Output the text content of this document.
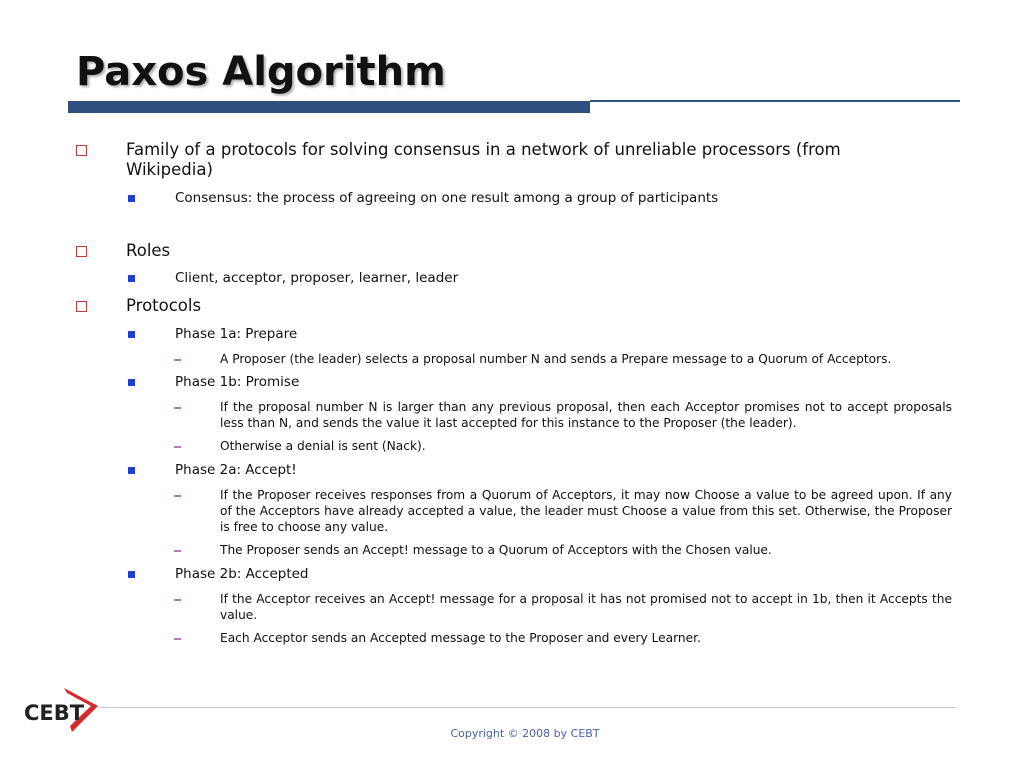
Paxos Algorithm
Family of a protocols for solving consensus in a network of unreliable processors (from Wikipedia)
Consensus: the process of agreeing on one result among a group of participants
Roles
Client, acceptor, proposer, learner, leader
Protocols
Phase 1a: Prepare
A Proposer (the leader) selects a proposal number N and sends a Prepare message to a Quorum of Acceptors.
Phase 1b: Promise
If the proposal number N is larger than any previous proposal, then each Acceptor promises not to accept proposals less than N, and sends the value it last accepted for this instance to the Proposer (the leader).
Otherwise a denial is sent (Nack).
Phase 2a: Accept!
If the Proposer receives responses from a Quorum of Acceptors, it may now Choose a value to be agreed upon. If any of the Acceptors have already accepted a value, the leader must Choose a value from this set. Otherwise, the Proposer is free to choose any value.
The Proposer sends an Accept! message to a Quorum of Acceptors with the Chosen value.
Phase 2b: Accepted
If the Acceptor receives an Accept! message for a proposal it has not promised not to accept in 1b, then it Accepts the value.
Each Acceptor sends an Accepted message to the Proposer and every Learner.
CEBT
Copyright © 2008 by CEBT
